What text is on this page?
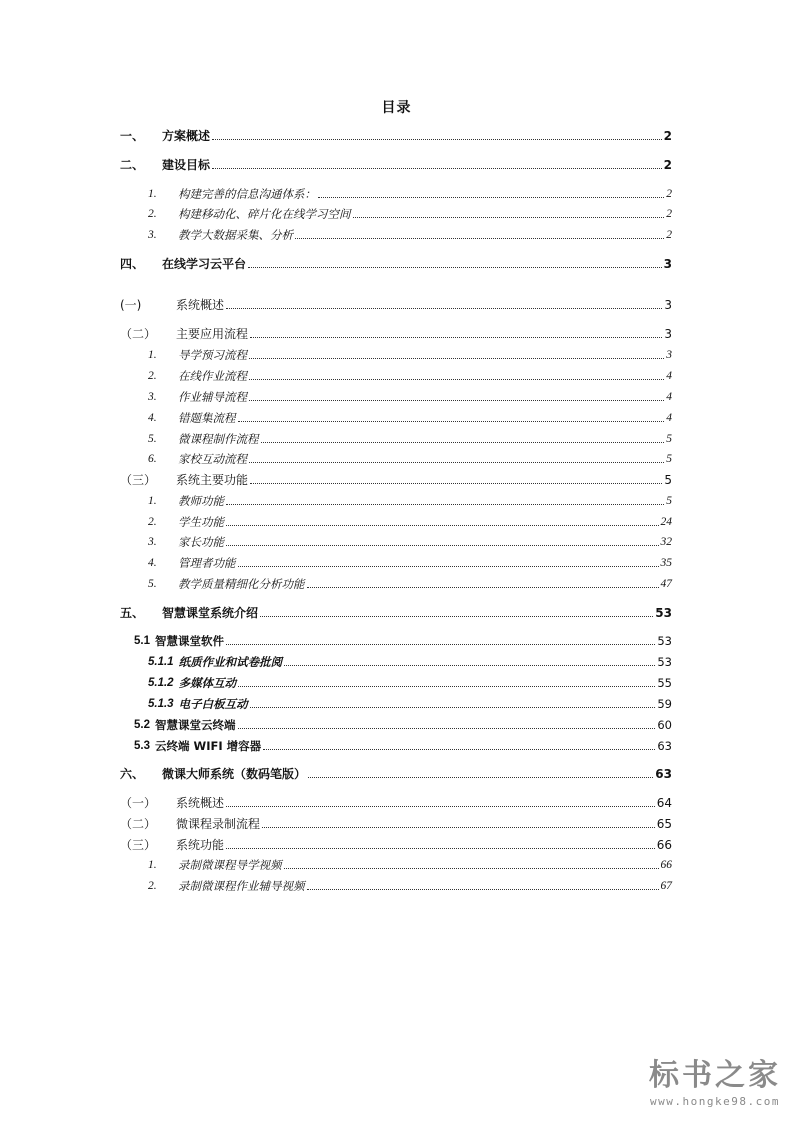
目录
一、	方案概述	2
二、	建设目标	2
1.	构建完善的信息沟通体系：	2
2.	构建移动化、碎片化在线学习空间	2
3.	教学大数据采集、分析	2
四、	在线学习云平台	3
(一)	系统概述	3
（二）	主要应用流程	3
1.	导学预习流程	3
2.	在线作业流程	4
3.	作业辅导流程	4
4.	错题集流程	4
5.	微课程制作流程	5
6.	家校互动流程	5
（三）	系统主要功能	5
1.	教师功能	5
2.	学生功能	24
3.	家长功能	32
4.	管理者功能	35
5.	教学质量精细化分析功能	47
五、	智慧课堂系统介绍	53
5.1 智慧课堂软件	53
5.1.1 纸质作业和试卷批阅	53
5.1.2 多媒体互动	55
5.1.3 电子白板互动	59
5.2 智慧课堂云终端	60
5.3 云终端 WIFI 增容器	63
六、	微课大师系统（数码笔版）	63
（一）	系统概述	64
（二）	微课程录制流程	65
（三）	系统功能	66
1.	录制微课程导学视频	66
2.	录制微课程作业辅导视频	67
标书之家
www.hongke98.com
